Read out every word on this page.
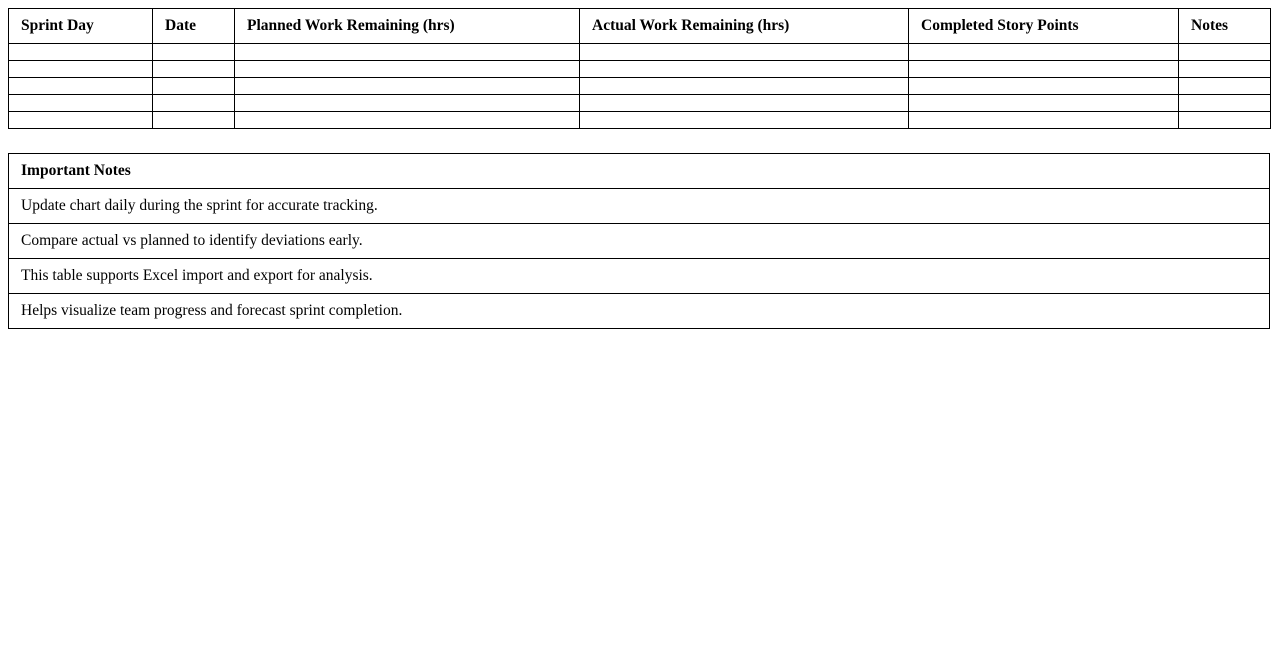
Sprint Day	Date	Planned Work Remaining (hrs)	Actual Work Remaining (hrs)	Completed Story Points	Notes

Important Notes
Update chart daily during the sprint for accurate tracking.
Compare actual vs planned to identify deviations early.
This table supports Excel import and export for analysis.
Helps visualize team progress and forecast sprint completion.
